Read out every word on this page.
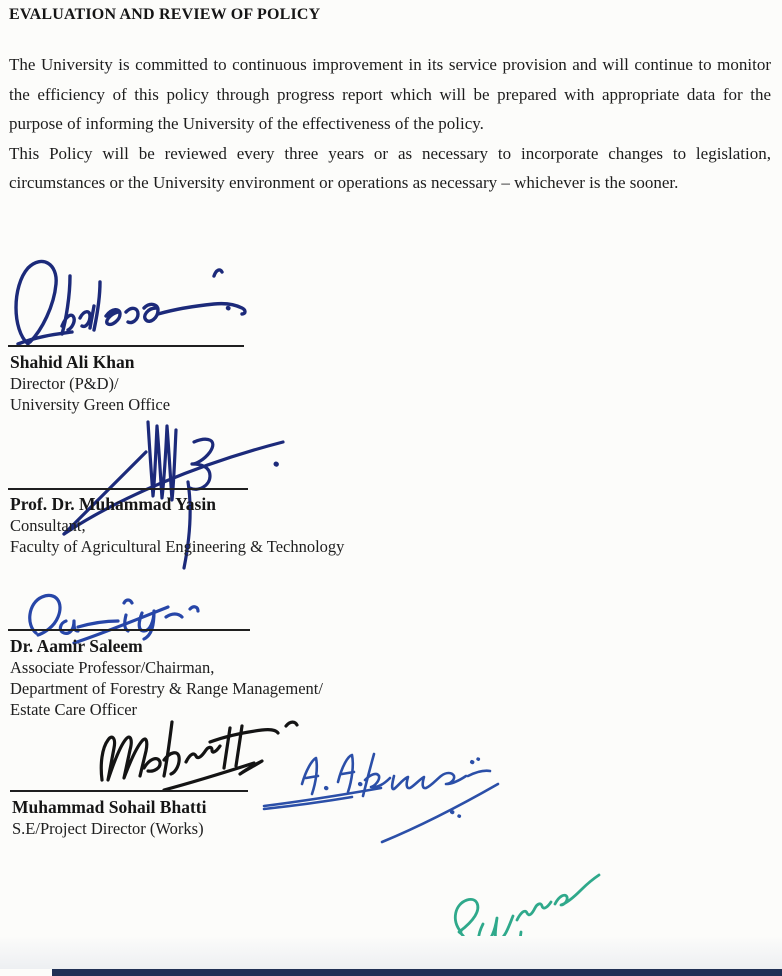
EVALUATION AND REVIEW OF POLICY

The University is committed to continuous improvement in its service provision and will continue to monitor the efficiency of this policy through progress report which will be prepared with appropriate data for the purpose of informing the University of the effectiveness of the policy.

This Policy will be reviewed every three years or as necessary to incorporate changes to legislation, circumstances or the University environment or operations as necessary – whichever is the sooner.

Shahid Ali Khan
Director (P&D)/
University Green Office
Prof. Dr. Muhammad Yasin
Consultant,
Faculty of Agricultural Engineering & Technology
Dr. Aamir Saleem
Associate Professor/Chairman,
Department of Forestry & Range Management/
Estate Care Officer
Muhammad Sohail Bhatti
S.E/Project Director (Works)
